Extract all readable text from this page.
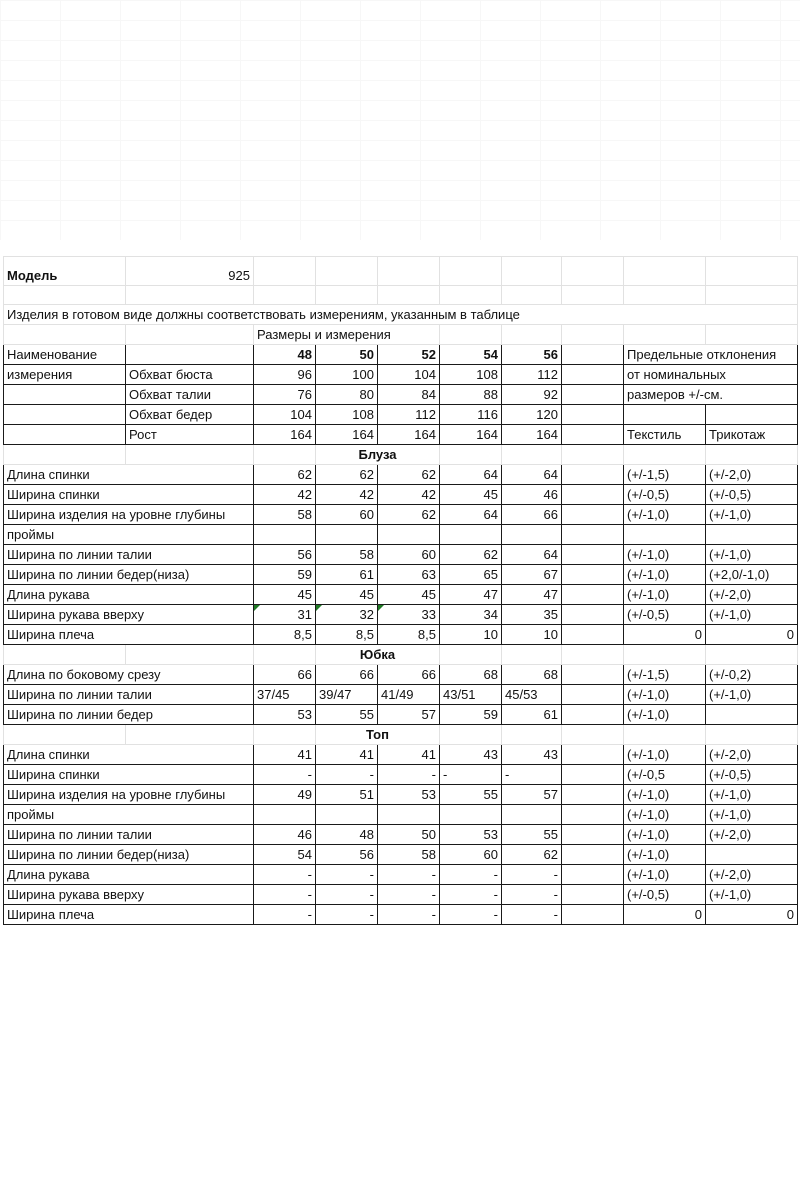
Модель	925								

Изделия в готовом виде должны соответствовать измерениям, указанным в таблице									
		Размеры и измерения							
Наименование		48	50	52	54	56		Предельные отклонения	
измерения	Обхват бюста	96	100	104	108	112		от номинальных	
	Обхват талии	76	80	84	88	92		размеров +/-см.	
	Обхват бедер	104	108	112	116	120			
	Рост	164	164	164	164	164		Текстиль	Трикотаж
			Блуза						
Длина спинки		62	62	62	64	64		(+/-1,5)	(+/-2,0)
Ширина спинки		42	42	42	45	46		(+/-0,5)	(+/-0,5)
Ширина изделия на уровне глубины		58	60	62	64	66		(+/-1,0)	(+/-1,0)
проймы									
Ширина по линии талии		56	58	60	62	64		(+/-1,0)	(+/-1,0)
Ширина по линии бедер(низа)		59	61	63	65	67		(+/-1,0)	(+2,0/-1,0)
Длина рукава		45	45	45	47	47		(+/-1,0)	(+/-2,0)
Ширина рукава вверху		31	32	33	34	35		(+/-0,5)	(+/-1,0)
Ширина плеча		8,5	8,5	8,5	10	10		0	0
			Юбка						
Длина по боковому срезу		66	66	66	68	68		(+/-1,5)	(+/-0,2)
Ширина по линии талии		37/45	39/47	41/49	43/51	45/53		(+/-1,0)	(+/-1,0)
Ширина по линии бедер		53	55	57	59	61		(+/-1,0)	
			Топ						
Длина спинки		41	41	41	43	43		(+/-1,0)	(+/-2,0)
Ширина спинки		-	-	-	-	-		(+/-0,5	(+/-0,5)
Ширина изделия на уровне глубины		49	51	53	55	57		(+/-1,0)	(+/-1,0)
проймы								(+/-1,0)	(+/-1,0)
Ширина по линии талии		46	48	50	53	55		(+/-1,0)	(+/-2,0)
Ширина по линии бедер(низа)		54	56	58	60	62		(+/-1,0)	
Длина рукава		-	-	-	-	-		(+/-1,0)	(+/-2,0)
Ширина рукава вверху		-	-	-	-	-		(+/-0,5)	(+/-1,0)
Ширина плеча		-	-	-	-	-		0	0
